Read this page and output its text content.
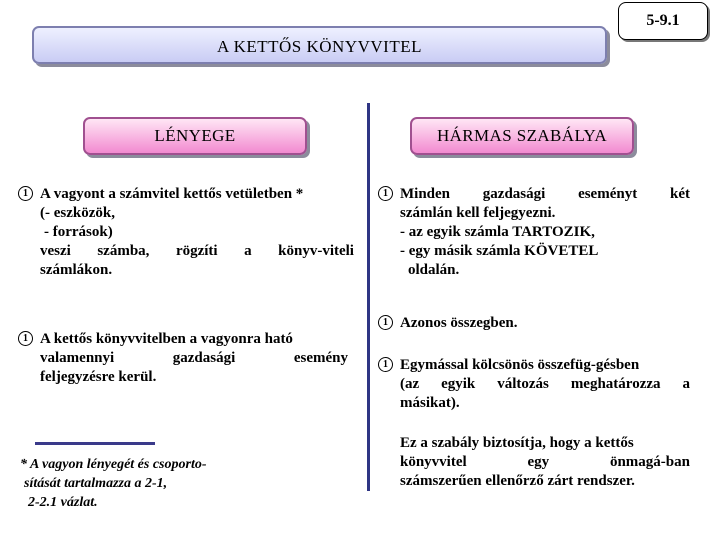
A KETTŐS KÖNYVVITEL
5-9.1
LÉNYEGE	HÁRMAS SZABÁLYA
1 A vagyont a számvitel kettős vetületben *
(- eszközök,
- források)
veszi számba, rögzíti a könyv-viteli
számlákon.
1 A kettős könyvvitelben a vagyonra ható
valamennyi	gazdasági	esemény
feljegyzésre kerül.
* A vagyon lényegét és csoporto-
sítását tartalmazza a 2-1,
2-2.1 vázlat.
1 Minden gazdasági eseményt két
számlán kell feljegyezni.
- az egyik számla TARTOZIK,
- egy másik számla KÖVETEL
oldalán.
1 Azonos összegben.
1 Egymással kölcsönös összefüg-gésben
(az egyik változás meghatározza a
másikat).
Ez a szabály biztosítja, hogy a kettős
könyvvitel	egy	önmagá-ban
számszerűen ellenőrző zárt rendszer.
